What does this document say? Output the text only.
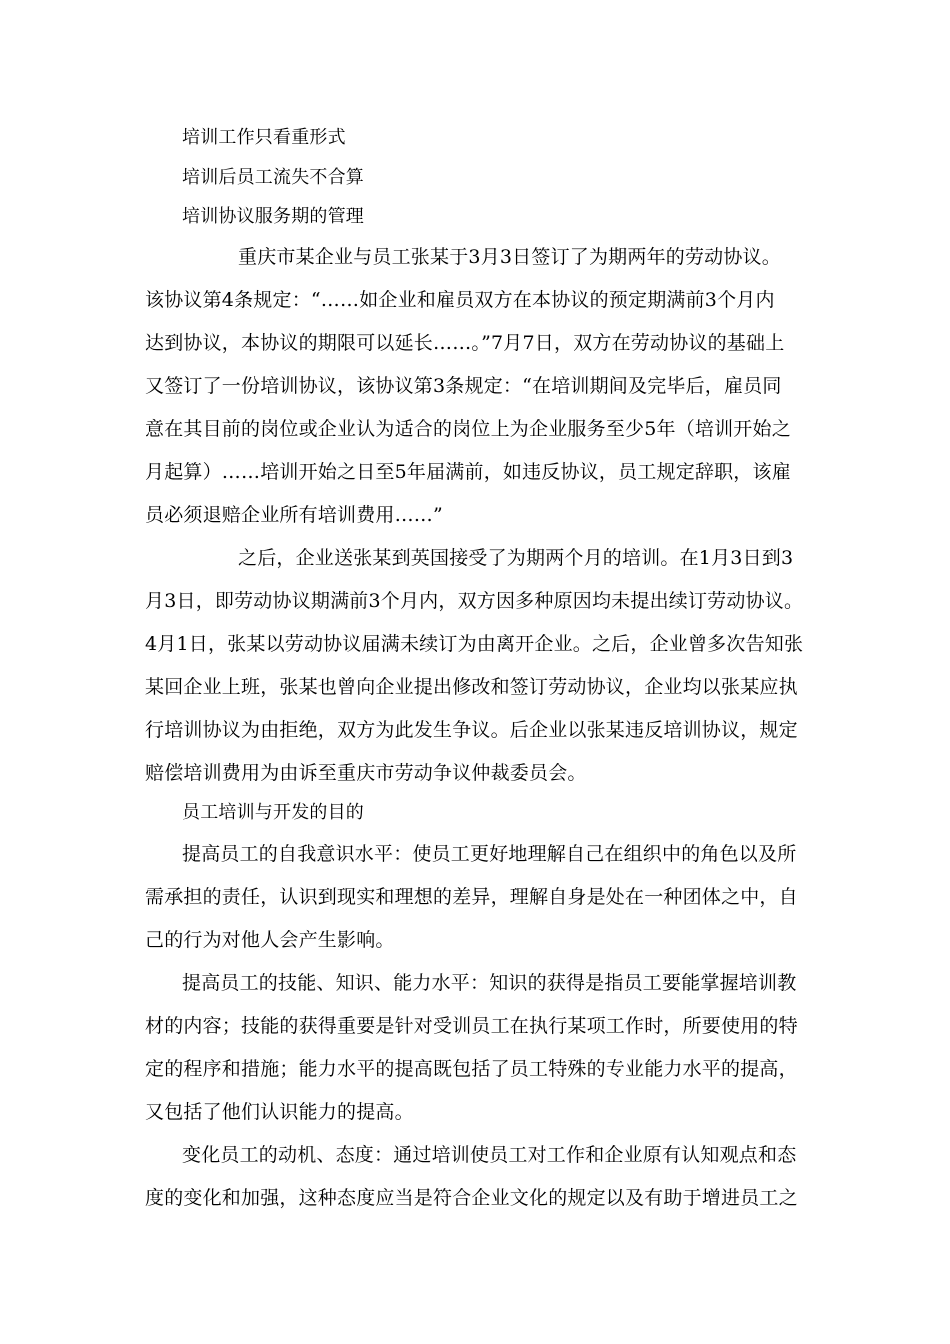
培训工作只看重形式
培训后员工流失不合算
培训协议服务期的管理
重庆市某企业与员工张某于3月3日签订了为期两年的劳动协议。
该协议第4条规定：“……如企业和雇员双方在本协议的预定期满前3个月内
达到协议，本协议的期限可以延长……。”7月7日，双方在劳动协议的基础上
又签订了一份培训协议，该协议第3条规定：“在培训期间及完毕后，雇员同
意在其目前的岗位或企业认为适合的岗位上为企业服务至少5年（培训开始之
月起算）……培训开始之日至5年届满前，如违反协议，员工规定辞职，该雇
员必须退赔企业所有培训费用……”
之后，企业送张某到英国接受了为期两个月的培训。在1月3日到3
月3日，即劳动协议期满前3个月内，双方因多种原因均未提出续订劳动协议。
4月1日，张某以劳动协议届满未续订为由离开企业。之后，企业曾多次告知张
某回企业上班，张某也曾向企业提出修改和签订劳动协议，企业均以张某应执
行培训协议为由拒绝，双方为此发生争议。后企业以张某违反培训协议，规定
赔偿培训费用为由诉至重庆市劳动争议仲裁委员会。
员工培训与开发的目的
提高员工的自我意识水平：使员工更好地理解自己在组织中的角色以及所
需承担的责任，认识到现实和理想的差异，理解自身是处在一种团体之中，自
己的行为对他人会产生影响。
提高员工的技能、知识、能力水平：知识的获得是指员工要能掌握培训教
材的内容；技能的获得重要是针对受训员工在执行某项工作时，所要使用的特
定的程序和措施；能力水平的提高既包括了员工特殊的专业能力水平的提高，
又包括了他们认识能力的提高。
变化员工的动机、态度：通过培训使员工对工作和企业原有认知观点和态
度的变化和加强，这种态度应当是符合企业文化的规定以及有助于增进员工之
